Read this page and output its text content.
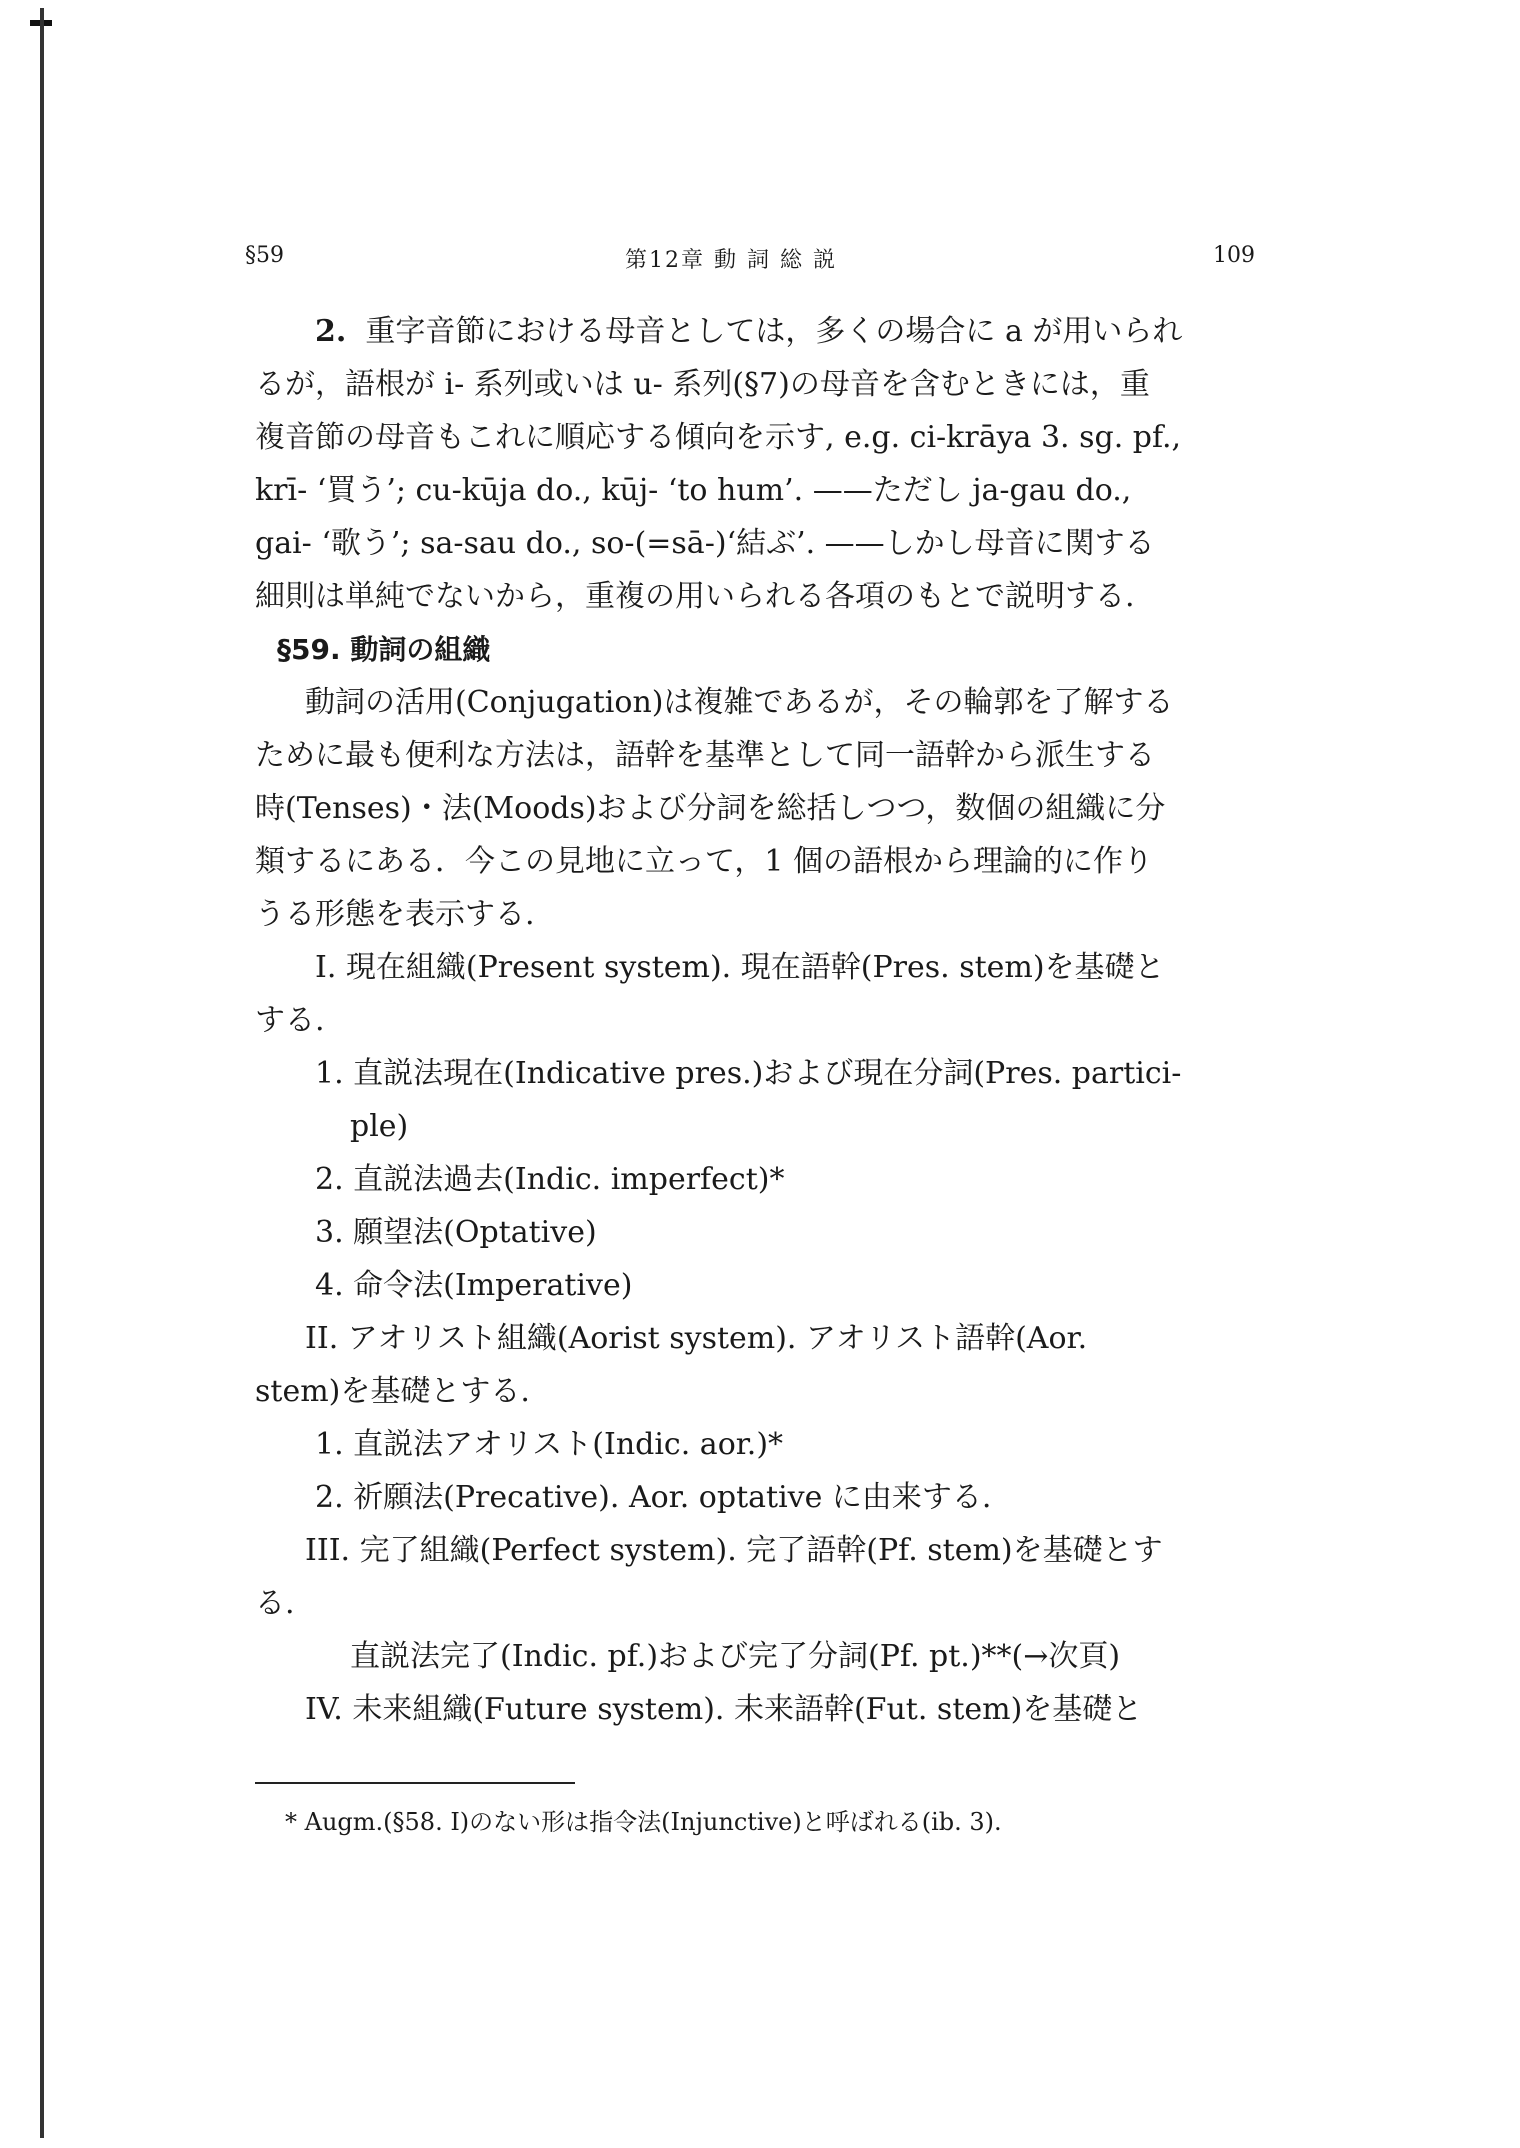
§59	第12章 動 詞 総 説	109
2. 重字音節における母音としては，多くの場合に a が用いられ
るが，語根が i- 系列或いは u- 系列(§7)の母音を含むときには，重
複音節の母音もこれに順応する傾向を示す, e.g. ci-krāya 3. sg. pf.,
krī- ‘買う’; cu-kūja do., kūj- ‘to hum’. ——ただし ja-gau do.,
gai- ‘歌う’; sa-sau do., so-(=sā-)‘結ぶ’. ——しかし母音に関する
細則は単純でないから，重複の用いられる各項のもとで説明する.
§59. 動詞の組織
動詞の活用(Conjugation)は複雑であるが，その輪郭を了解する
ために最も便利な方法は，語幹を基準として同一語幹から派生する
時(Tenses)・法(Moods)および分詞を総括しつつ，数個の組織に分
類するにある．今この見地に立って，1 個の語根から理論的に作り
うる形態を表示する.
I. 現在組織(Present system). 現在語幹(Pres. stem)を基礎と
する.
1. 直説法現在(Indicative pres.)および現在分詞(Pres. partici-
ple)
2. 直説法過去(Indic. imperfect)*
3. 願望法(Optative)
4. 命令法(Imperative)
II. アオリスト組織(Aorist system). アオリスト語幹(Aor.
stem)を基礎とする.
1. 直説法アオリスト(Indic. aor.)*
2. 祈願法(Precative). Aor. optative に由来する.
III. 完了組織(Perfect system). 完了語幹(Pf. stem)を基礎とす
る.
直説法完了(Indic. pf.)および完了分詞(Pf. pt.)**(→次頁)
IV. 未来組織(Future system). 未来語幹(Fut. stem)を基礎と
* Augm.(§58. I)のない形は指令法(Injunctive)と呼ばれる(ib. 3).
